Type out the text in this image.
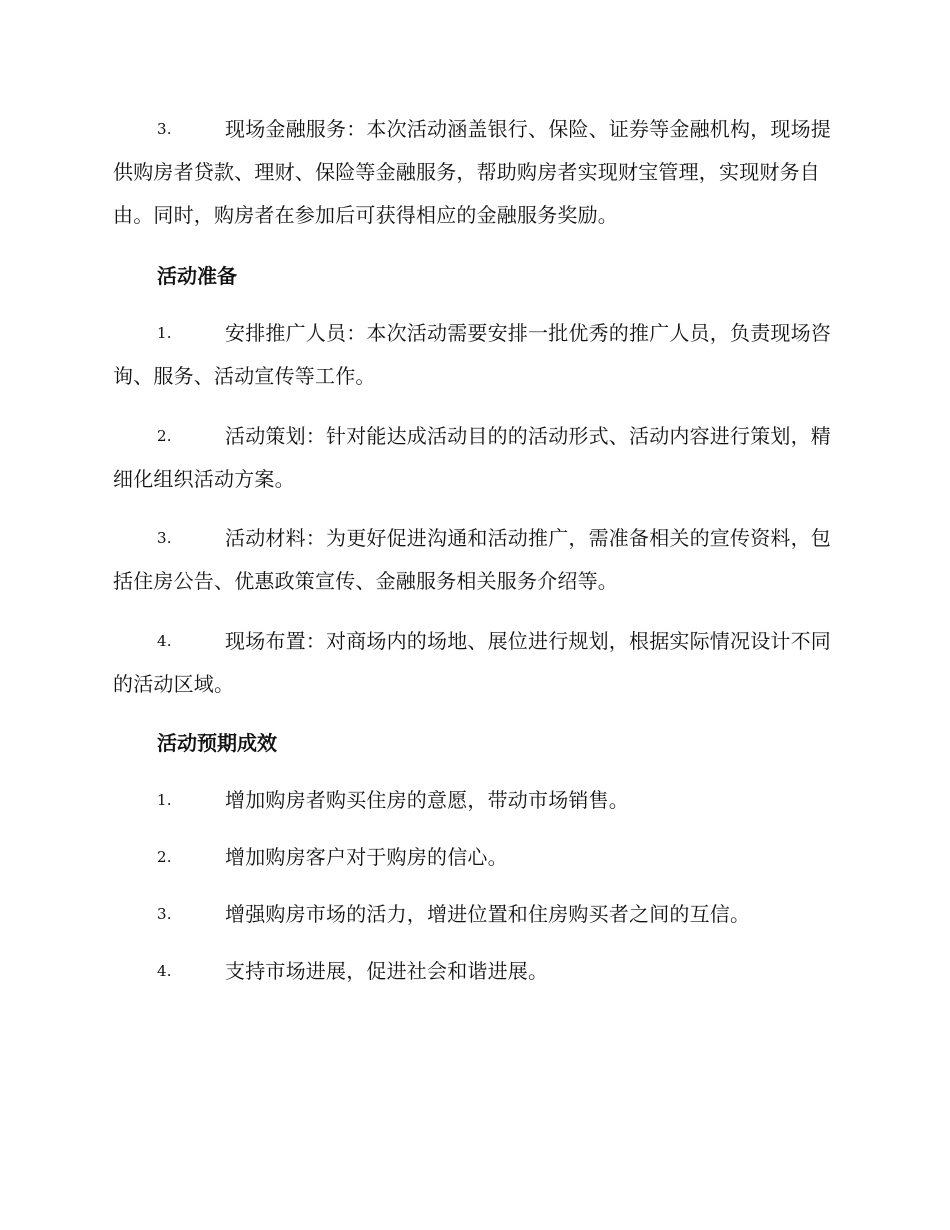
3.	现场金融服务：本次活动涵盖银行、保险、证券等金融机构，现场提供购房者贷款、理财、保险等金融服务，帮助购房者实现财宝管理，实现财务自由。同时，购房者在参加后可获得相应的金融服务奖励。
活动准备
1.	安排推广人员：本次活动需要安排一批优秀的推广人员，负责现场咨询、服务、活动宣传等工作。
2.	活动策划：针对能达成活动目的的活动形式、活动内容进行策划，精细化组织活动方案。
3.	活动材料：为更好促进沟通和活动推广，需准备相关的宣传资料，包括住房公告、优惠政策宣传、金融服务相关服务介绍等。
4.	现场布置：对商场内的场地、展位进行规划，根据实际情况设计不同的活动区域。
活动预期成效
1.	增加购房者购买住房的意愿，带动市场销售。
2.	增加购房客户对于购房的信心。
3.	增强购房市场的活力，增进位置和住房购买者之间的互信。
4.	支持市场进展，促进社会和谐进展。
